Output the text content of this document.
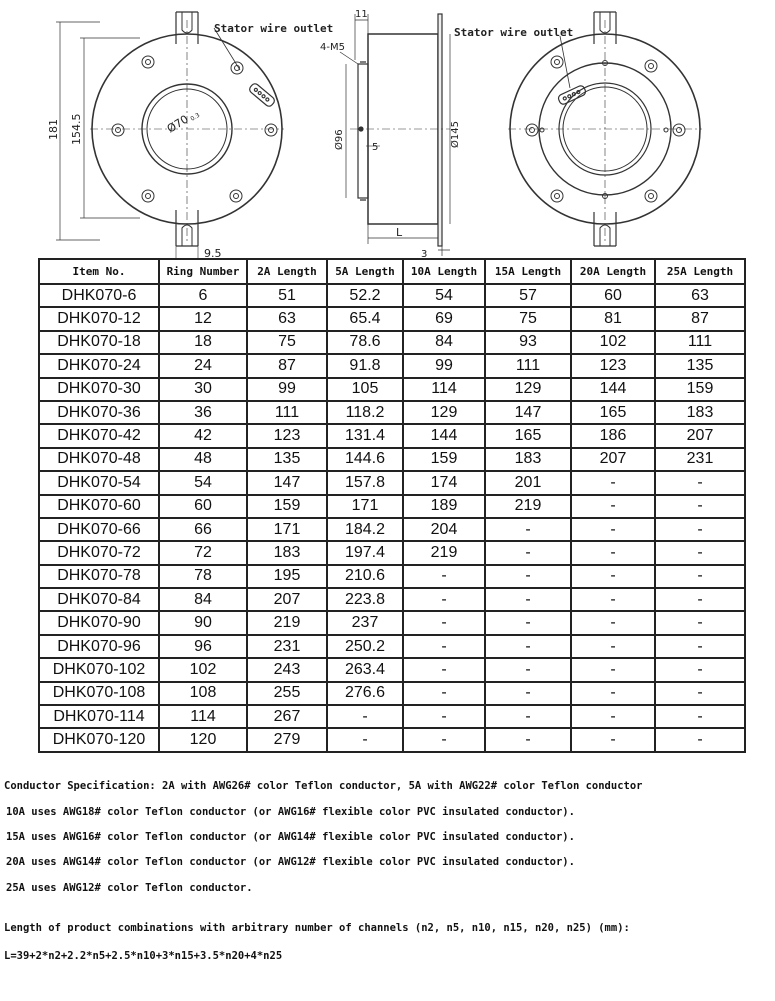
181 154.5	Ø70
0.3
9.5
Stator wire outlet
11
4-M5
Ø96	5	Ø145
L
3
Stator wire outlet
Item No.	Ring Number	2A Length	5A Length	10A Length	15A Length	20A Length	25A Length
DHK070-6	6	51	52.2	54	57	60	63
DHK070-12	12	63	65.4	69	75	81	87
DHK070-18	18	75	78.6	84	93	102	111
DHK070-24	24	87	91.8	99	111	123	135
DHK070-30	30	99	105	114	129	144	159
DHK070-36	36	111	118.2	129	147	165	183
DHK070-42	42	123	131.4	144	165	186	207
DHK070-48	48	135	144.6	159	183	207	231
DHK070-54	54	147	157.8	174	201	-	-
DHK070-60	60	159	171	189	219	-	-
DHK070-66	66	171	184.2	204	-	-	-
DHK070-72	72	183	197.4	219	-	-	-
DHK070-78	78	195	210.6	-	-	-	-
DHK070-84	84	207	223.8	-	-	-	-
DHK070-90	90	219	237	-	-	-	-
DHK070-96	96	231	250.2	-	-	-	-
DHK070-102	102	243	263.4	-	-	-	-
DHK070-108	108	255	276.6	-	-	-	-
DHK070-114	114	267	-	-	-	-	-
DHK070-120	120	279	-	-	-	-	-
Conductor Specification: 2A with AWG26# color Teflon conductor, 5A with AWG22# color Teflon conductor
10A uses AWG18# color Teflon conductor (or AWG16# flexible color PVC insulated conductor).
15A uses AWG16# color Teflon conductor (or AWG14# flexible color PVC insulated conductor).
20A uses AWG14# color Teflon conductor (or AWG12# flexible color PVC insulated conductor).
25A uses AWG12# color Teflon conductor.
Length of product combinations with arbitrary number of channels (n2, n5, n10, n15, n20, n25) (mm):
L=39+2*n2+2.2*n5+2.5*n10+3*n15+3.5*n20+4*n25
